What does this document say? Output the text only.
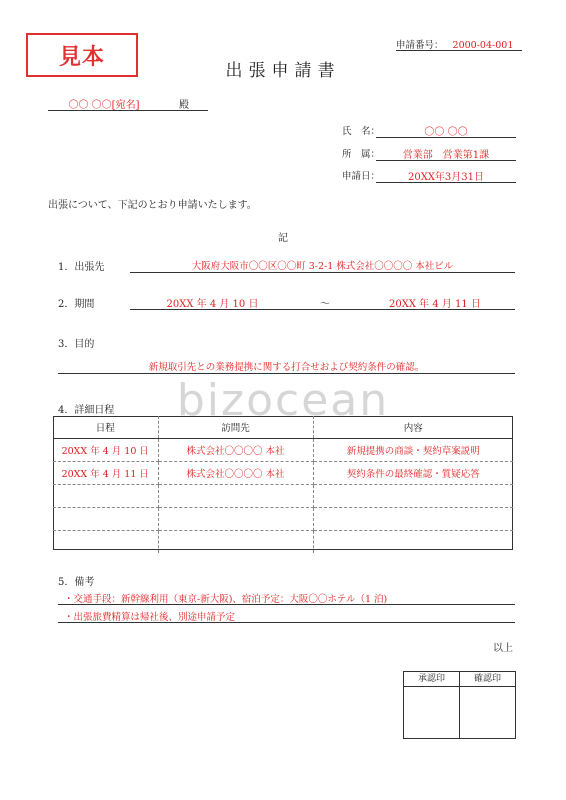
見本	申請番号： 2000-04-001
出張申請書
〇〇 〇〇[宛名]	殿
氏　名：	〇〇 〇〇
所　属：	営業部　営業第1課
申請日：	20XX年3月31日
出張について、下記のとおり申請いたします。
記
1．出張先	大阪府大阪市〇〇区〇〇町 3-2-1 株式会社〇〇〇〇 本社ビル
2．期間	20XX 年 4 月 10 日	～	20XX 年 4 月 11 日
3．目的
新規取引先との業務提携に関する打合せおよび契約条件の確認。
bizocean
4．詳細日程
日程	訪問先	内容
20XX 年 4 月 10 日	株式会社〇〇〇〇 本社	新規提携の商談・契約草案説明
20XX 年 4 月 11 日	株式会社〇〇〇〇 本社	契約条件の最終確認・質疑応答

5．備考
・交通手段：新幹線利用（東京-新大阪)、宿泊予定：大阪〇〇ホテル（1 泊)
・出張旅費精算は帰社後、別途申請予定
以上
承認印	確認印
